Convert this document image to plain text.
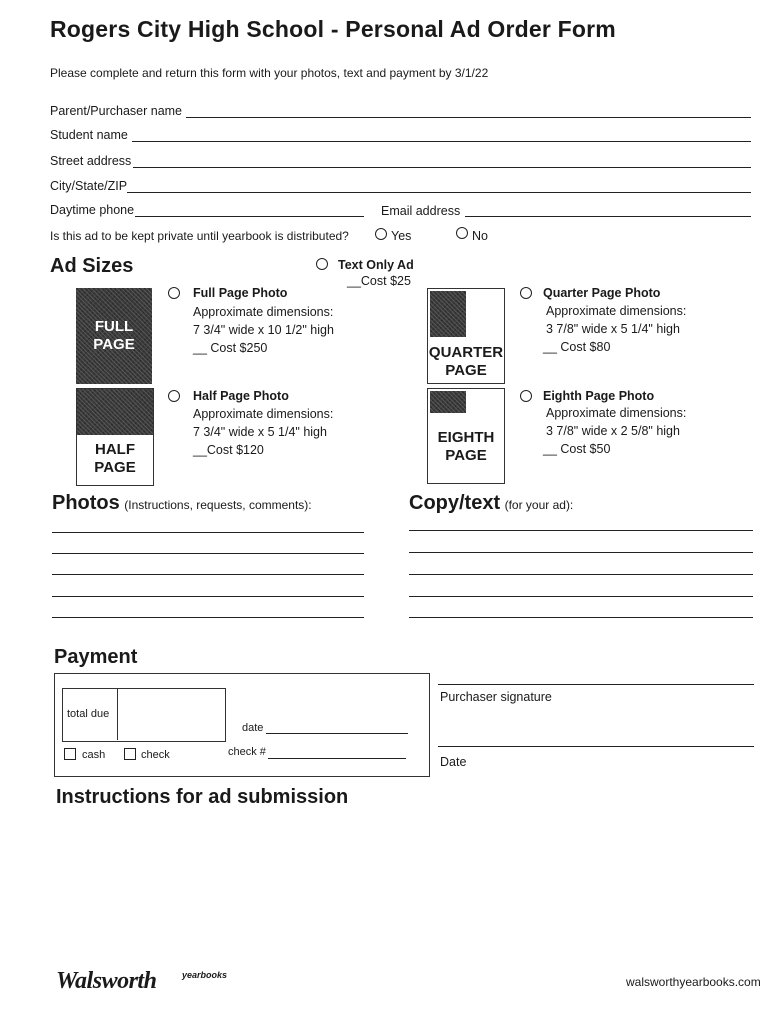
Rogers City High School - Personal Ad Order Form
Please complete and return this form with your photos, text and payment by 3/1/22
Parent/Purchaser name
Student name
Street address
City/State/ZIP
Daytime phone	Email address
Is this ad to be kept private until yearbook is distributed?	Yes	No
Ad Sizes	Text Only Ad
__Cost $25
FULL
PAGE
Full Page Photo
Approximate dimensions:
7 3/4" wide x 10 1/2" high
__ Cost $250
HALF
PAGE
Half Page Photo
Approximate dimensions:
7 3/4" wide x 5 1/4" high
__Cost $120
QUARTER
PAGE
Quarter Page Photo
Approximate dimensions:
3 7/8" wide x 5 1/4" high
__ Cost $80
EIGHTH
PAGE
Eighth Page Photo
Approximate dimensions:
3 7/8" wide x 2 5/8" high
__ Cost $50
Photos (Instructions, requests, comments):	Copy/text (for your ad):
Payment
total due
date
cash	check	check #
Purchaser signature
Date
Instructions for ad submission
Walsworth	yearbooks	walsworthyearbooks.com
